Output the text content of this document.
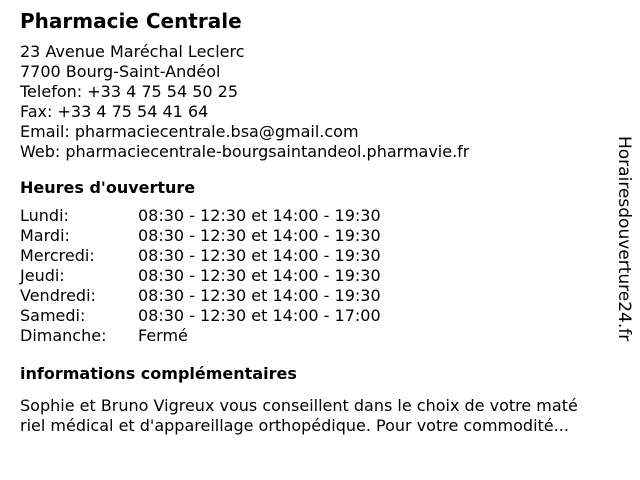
Pharmacie Centrale
23 Avenue Maréchal Leclerc
7700 Bourg-Saint-Andéol
Telefon: +33 4 75 54 50 25
Fax: +33 4 75 54 41 64
Email: pharmaciecentrale.bsa@gmail.com
Web: pharmaciecentrale-bourgsaintandeol.pharmavie.fr
Heures d'ouverture
Lundi:	08:30 - 12:30 et 14:00 - 19:30
Mardi:	08:30 - 12:30 et 14:00 - 19:30
Mercredi:	08:30 - 12:30 et 14:00 - 19:30
Jeudi:	08:30 - 12:30 et 14:00 - 19:30
Vendredi:	08:30 - 12:30 et 14:00 - 19:30
Samedi:	08:30 - 12:30 et 14:00 - 17:00
Dimanche:	Fermé
informations complémentaires
Sophie et Bruno Vigreux vous conseillent dans le choix de votre maté
riel médical et d'appareillage orthopédique. Pour votre commodité...
Horairesdouverture24.fr
